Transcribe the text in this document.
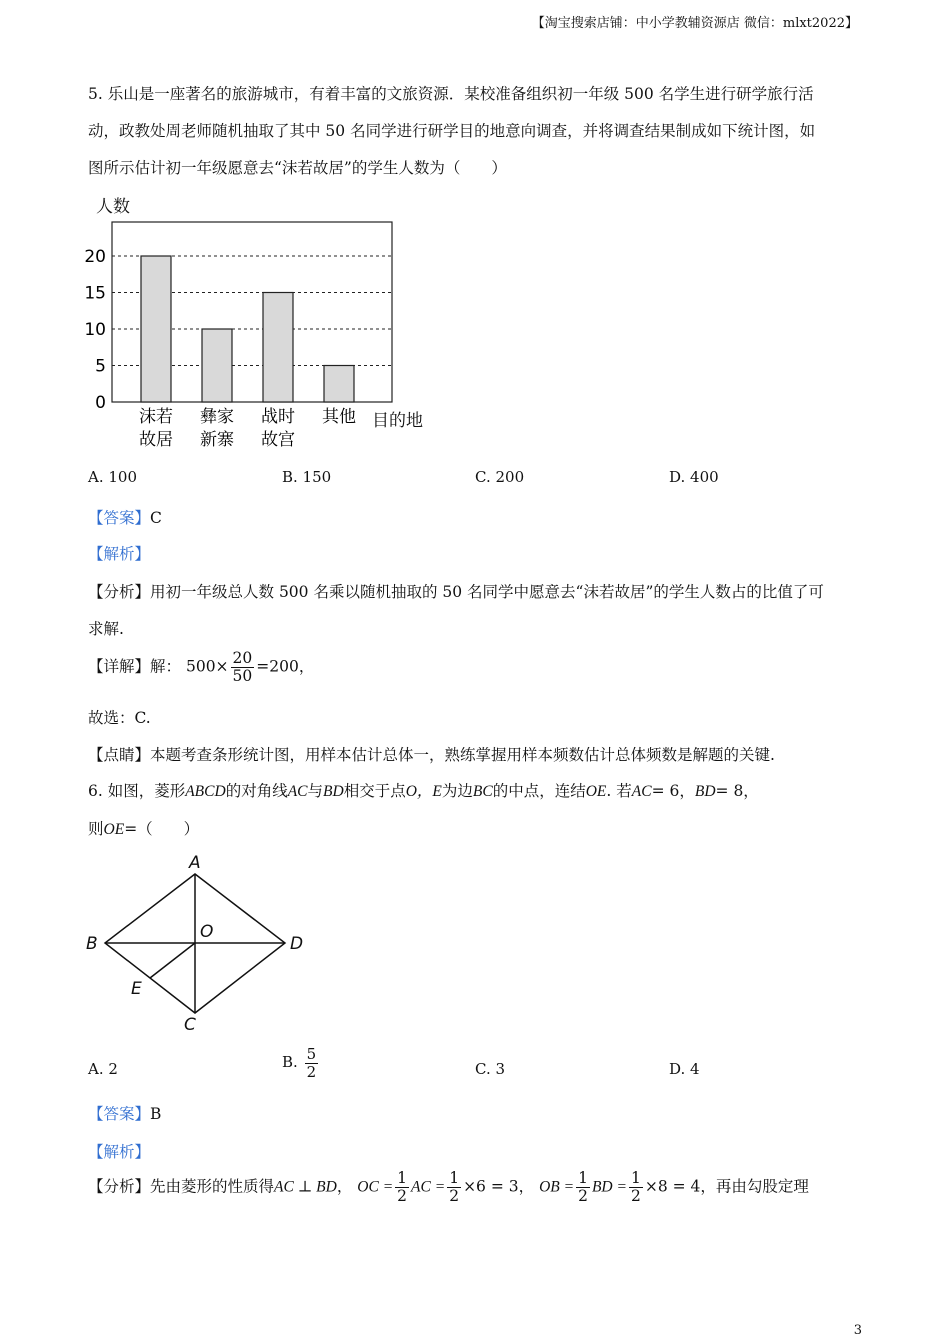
【淘宝搜索店铺：中小学教辅资源店 微信：mlxt2022】
5. 乐山是一座著名的旅游城市，有着丰富的文旅资源．某校准备组织初一年级 500 名学生进行研学旅行活
动，政教处周老师随机抽取了其中 50 名同学进行研学目的地意向调查，并将调查结果制成如下统计图，如
图所示估计初一年级愿意去“沫若故居”的学生人数为（　　）
人数
0
5
10
15
20
沫若
故居
彝家
新寨
战时
故宫
其他 目的地
A. 100	B. 150	C. 200	D. 400
【答案】C
【解析】
【分析】用初一年级总人数 500 名乘以随机抽取的 50 名同学中愿意去“沫若故居”的学生人数占的比值了可
求解.
【详解】解： $500\times \frac{20}{50} =200$，
故选：C.
【点睛】本题考查条形统计图，用样本估计总体一，熟练掌握用样本频数估计总体频数是解题的关键.
6. 如图，菱形ABCD的对角线AC与BD相交于点O，E为边BC的中点，连结OE. 若AC= 6，BD= 8，
则OE=（　　）
A
B
O
D
E
C
A. 2	B. $\frac{5}{2}$	C. 3	D. 4
【答案】B
【解析】
【分析】先由菱形的性质得AC ⊥ BD， OC = $\frac{1}{2}$ AC = $\frac{1}{2} \times 6 = 3$， OB = $\frac{1}{2}$ BD = $\frac{1}{2} \times 8 = 4$，再由勾股定理
3
